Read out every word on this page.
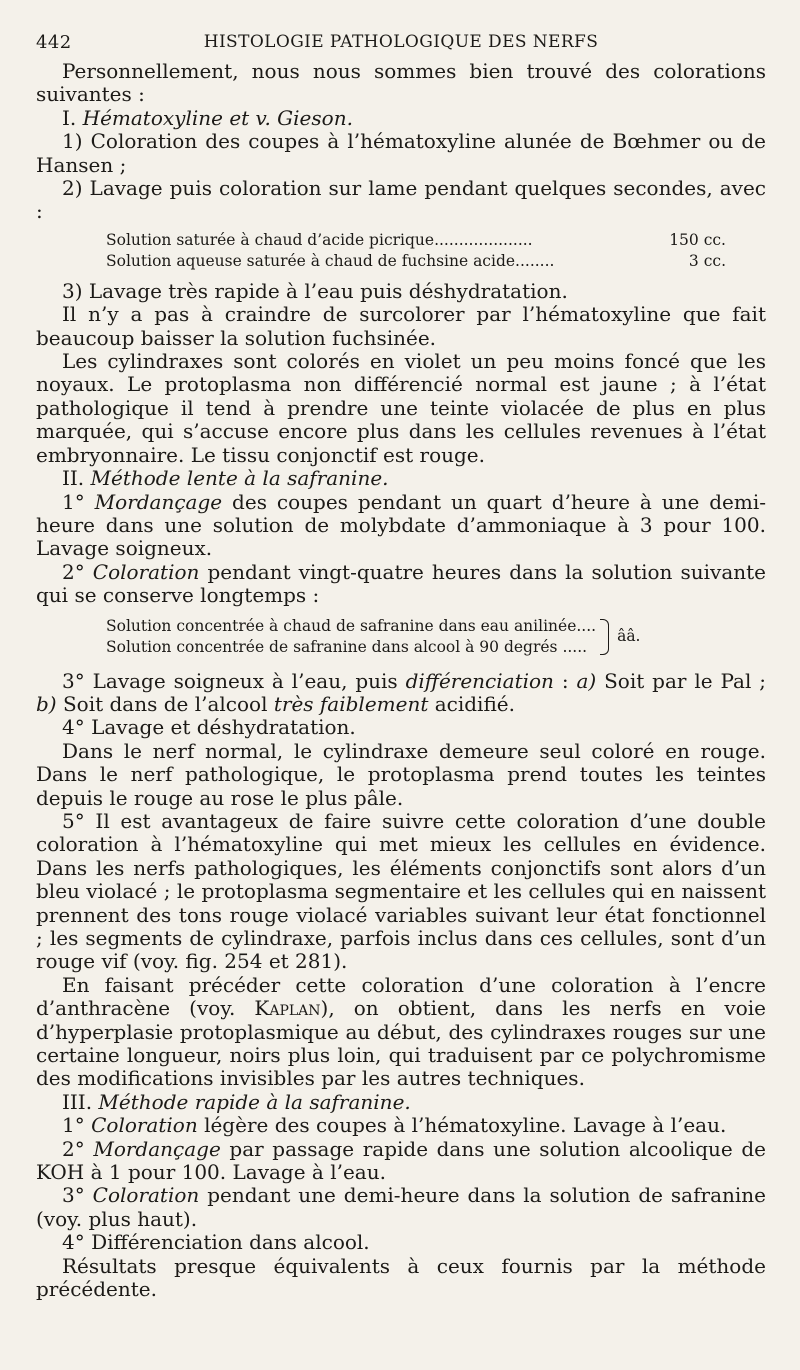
442	HISTOLOGIE PATHOLOGIQUE DES NERFS

Personnellement, nous nous sommes bien trouvé des colorations suivantes :

I. Hématoxyline et v. Gieson.

1) Coloration des coupes à l’hématoxyline alunée de Bœhmer ou de Hansen ;

2) Lavage puis coloration sur lame pendant quelques secondes, avec :

Solution saturée à chaud d’acide picrique....................	150 cc.
Solution aqueuse saturée à chaud de fuchsine acide........	3 cc.

3) Lavage très rapide à l’eau puis déshydratation.

Il n’y a pas à craindre de surcolorer par l’hématoxyline que fait beaucoup baisser la solution fuchsinée.

Les cylindraxes sont colorés en violet un peu moins foncé que les noyaux. Le protoplasma non différencié normal est jaune ; à l’état pathologique il tend à prendre une teinte violacée de plus en plus marquée, qui s’accuse encore plus dans les cellules revenues à l’état embryonnaire. Le tissu conjonctif est rouge.

II. Méthode lente à la safranine.

1° Mordançage des coupes pendant un quart d’heure à une demi-heure dans une solution de molybdate d’ammoniaque à 3 pour 100. Lavage soigneux.

2° Coloration pendant vingt-quatre heures dans la solution suivante qui se conserve longtemps :

Solution concentrée à chaud de safranine dans eau anilinée....
Solution concentrée de safranine dans alcool à 90 degrés .....
ââ.

3° Lavage soigneux à l’eau, puis différenciation : a) Soit par le Pal ; b) Soit dans de l’alcool très faiblement acidifié.

4° Lavage et déshydratation.

Dans le nerf normal, le cylindraxe demeure seul coloré en rouge. Dans le nerf pathologique, le protoplasma prend toutes les teintes depuis le rouge au rose le plus pâle.

5° Il est avantageux de faire suivre cette coloration d’une double coloration à l’hématoxyline qui met mieux les cellules en évidence. Dans les nerfs pathologiques, les éléments conjonctifs sont alors d’un bleu violacé ; le protoplasma segmentaire et les cellules qui en naissent prennent des tons rouge violacé variables suivant leur état fonctionnel ; les segments de cylindraxe, parfois inclus dans ces cellules, sont d’un rouge vif (voy. fig. 254 et 281).

En faisant précéder cette coloration d’une coloration à l’encre d’anthracène (voy. Kaplan), on obtient, dans les nerfs en voie d’hyperplasie protoplasmique au début, des cylindraxes rouges sur une certaine longueur, noirs plus loin, qui traduisent par ce polychromisme des modifications invisibles par les autres techniques.

III. Méthode rapide à la safranine.

1° Coloration légère des coupes à l’hématoxyline. Lavage à l’eau.

2° Mordançage par passage rapide dans une solution alcoolique de KOH à 1 pour 100. Lavage à l’eau.

3° Coloration pendant une demi-heure dans la solution de safranine (voy. plus haut).

4° Différenciation dans alcool.

Résultats presque équivalents à ceux fournis par la méthode précédente.
